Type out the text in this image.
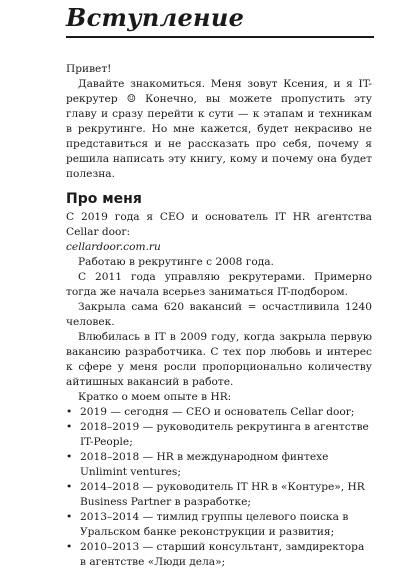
Вступление

Привет!

Давайте знакомиться. Меня зовут Ксения, и я IT-рекрутер ☺ Конечно, вы можете пропустить эту главу и сразу перейти к сути — к этапам и техникам в рекрутинге. Но мне кажется, будет некрасиво не представиться и не рассказать про себя, почему я решила написать эту книгу, кому и почему она будет полезна.

Про меня

С 2019 года я СЕО и основатель IT HR агентства Cellar door:

cellardoor.com.ru

Работаю в рекрутинге с 2008 года.

С 2011 года управляю рекрутерами. Примерно тогда же начала всерьез заниматься IT-подбором.

Закрыла сама 620 вакансий = осчастливила 1240 человек.

Влюбилась в IT в 2009 году, когда закрыла первую вакансию разработчика. С тех пор любовь и интерес к сфере у меня росли пропорционально количеству айтишных вакансий в работе.

Кратко о моем опыте в HR:

• 2019 — сегодня — СЕО и основатель Cellar door;
• 2018–2019 — руководитель рекрутинга в агентстве IT-People;
• 2018–2018 — HR в международном финтехе Unlimint ventures;
• 2014–2018 — руководитель IT HR в «Контуре», HR Business Partner в разработке;
• 2013–2014 — тимлид группы целевого поиска в Уральском банке реконструкции и развития;
• 2010–2013 — старший консультант, замдиректора в агентстве «Люди дела»;
